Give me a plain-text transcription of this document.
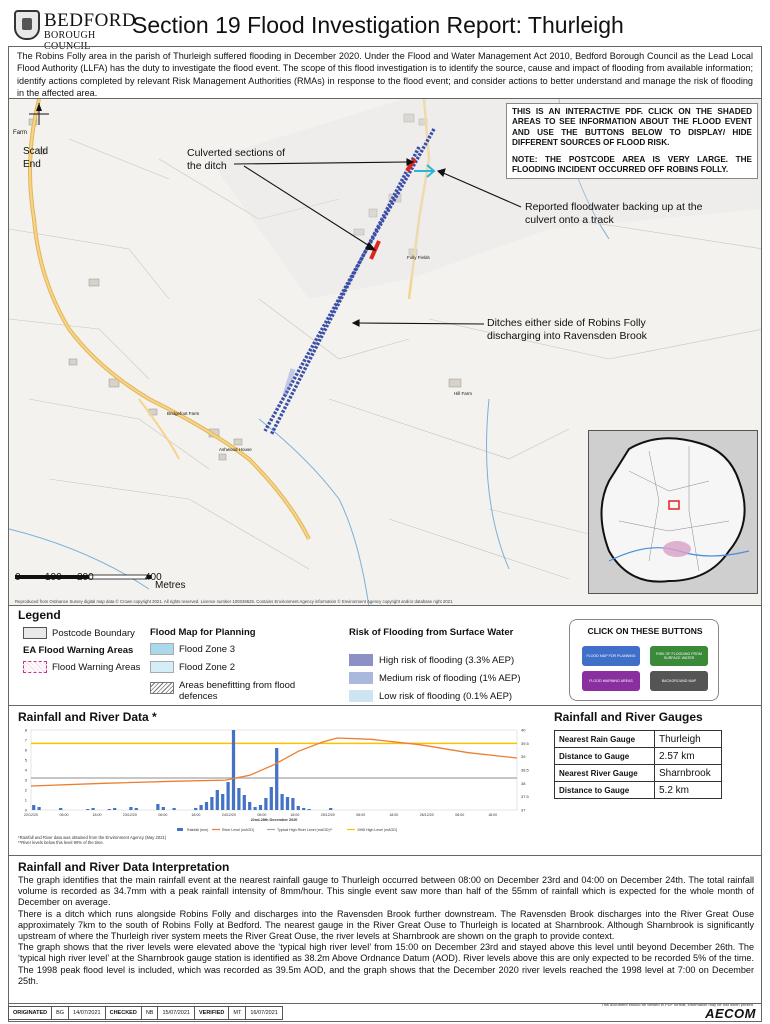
BEDFORD
BOROUGH COUNCIL
Section 19 Flood Investigation Report: Thurleigh
The Robins Folly area in the parish of Thurleigh suffered flooding in December 2020. Under the Flood and Water Management Act 2010, Bedford Borough Council as the Lead Local Flood Authority (LLFA) has the duty to investigate the flood event. The scope of this flood investigation is to identify the source, cause and impact of flooding from available information; identify actions completed by relevant Risk Management Authorities (RMAs) in response to the flood event; and consider actions to better understand and manage the risk of flooding in the affected area.

THIS IS AN INTERACTIVE PDF. CLICK ON THE SHADED AREAS TO SEE INFORMATION ABOUT THE FLOOD EVENT AND USE THE BUTTONS BELOW TO DISPLAY/ HIDE DIFFERENT SOURCES OF FLOOD RISK.

NOTE: THE POSTCODE AREA IS VERY LARGE. THE FLOODING INCIDENT OCCURRED OFF ROBINS FOLLY.

Culverted sections of the ditch
Reported floodwater backing up at the culvert onto a track
Ditches either side of Robins Folly discharging into Ravensden Brook
Scald End
Farm
Folly Fields
Hill Farm
Bridgefoot Farm
Ashwood House
0 100 200	400
Metres
Reproduced from Ordnance Survey digital map data © Crown copyright 2021. All rights reserved. Licence number 100048626. Contains Environment Agency information © Environment Agency copyright and/or database right 2021
Legend
Postcode Boundary
EA Flood Warning Areas
Flood Warning Areas
Flood Map for Planning
Flood Zone 3
Flood Zone 2
Areas benefitting from flood defences
Risk of Flooding from Surface Water
High risk of flooding (3.3% AEP)
Medium risk of flooding (1% AEP)
Low risk of flooding (0.1% AEP)
CLICK ON THESE BUTTONS
FLOOD MAP FOR PLANNING
RISK OF FLOODING FROM SURFACE WATER
FLOOD WARNING AREAS	BACKGROUND MAP
Rainfall and River Data *
0
1
2
3
4
5
6
7
8
37
37.5
38
38.5
39
39.5
40
22/12/20	06:00	18:00	23/12/20	06:00	18:00	24/12/20	06:00	18:00	25/12/20	06:00	18:00	26/12/20	06:00	18:00
22nd-28th December 2020
Rainfall (mm)	River Level (mAOD)	Typical High River Level (mAOD)**	1998 High Level (mAOD)
*Rainfall and River data was obtained from the Environment Agency (May 2021)
**River levels below this level 90% of the time.
Rainfall and River Gauges
Nearest Rain Gauge	Thurleigh
Distance to Gauge	2.57 km
Nearest River Gauge	Sharnbrook
Distance to Gauge	5.2 km
Rainfall and River Data Interpretation

The graph identifies that the main rainfall event at the nearest rainfall gauge to Thurleigh occurred between 08:00 on December 23rd and 04:00 on December 24th. The total rainfall volume is recorded as 34.7mm with a peak rainfall intensity of 8mm/hour. This single event saw more than half of the 55mm of rainfall which is expected for the whole month of December on average.

There is a ditch which runs alongside Robins Folly and discharges into the Ravensden Brook further downstream. The Ravensden Brook discharges into the River Great Ouse approximately 7km to the south of Robins Folly at Bedford. The nearest gauge in the River Great Ouse to Thurleigh is located at Sharnbrook. Although Sharnbrook is significantly upstream of where the Thurleigh river system meets the River Great Ouse, the river levels at Sharnbrook are shown on the graph to provide context.

The graph shows that the river levels were elevated above the ‘typical high river level’ from 15:00 on December 23rd and stayed above this level until beyond December 26th. The ‘typical high river level’ at the Sharnbrook gauge station is identified as 38.2m Above Ordnance Datum (AOD). River levels above this are only expected to be recorded 5% of the time. The 1998 peak flood level is included, which was recorded as 39.5m AOD, and the graph shows that the December 2020 river levels reached the 1998 level at 7:00 on December 25th.

This document should be viewed in PDF format, information may be lost when printed
ORIGINATED	BG	14/07/2021	CHECKED	NB	15/07/2021	VERIFIED	MT	16/07/2021	AECOM
